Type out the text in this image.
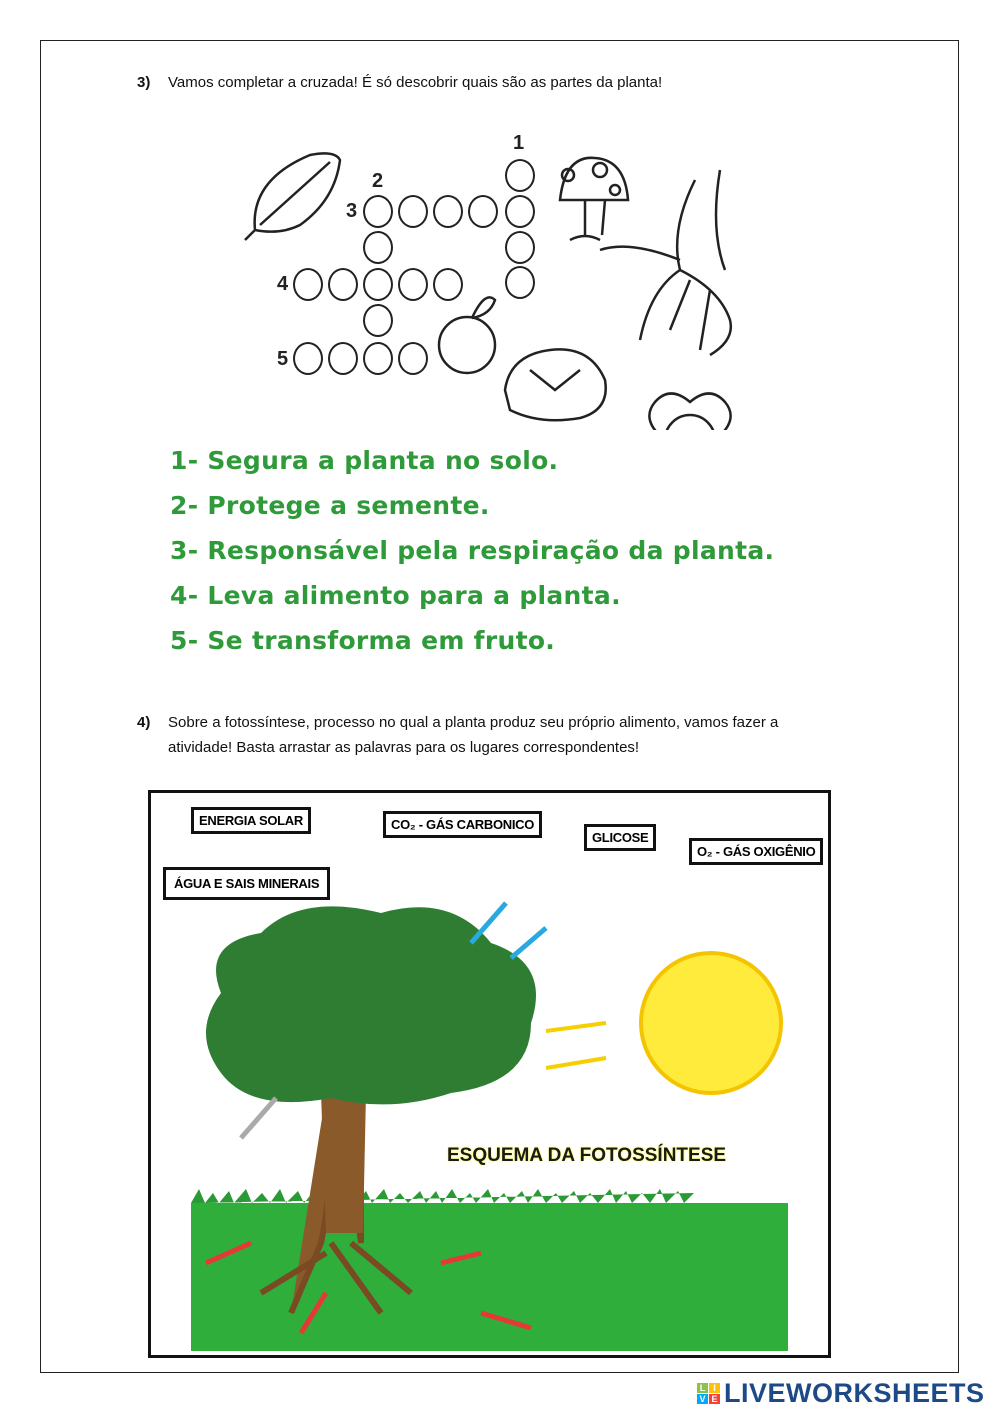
3)	Vamos completar a cruzada! É só descobrir quais são as partes da planta!
1
2
3
4
5
1- Segura a planta no solo.
2- Protege a semente.
3- Responsável pela respiração da planta.
4- Leva alimento para a planta.
5- Se transforma em fruto.
4)	Sobre a fotossíntese, processo no qual a planta produz seu próprio alimento, vamos fazer a
atividade! Basta arrastar as palavras para os lugares correspondentes!
ENERGIA SOLAR	CO₂ - GÁS CARBONICO
GLICOSE
O₂ - GÁS OXIGÊNIO
ÁGUA E SAIS MINERAIS
ESQUEMA DA FOTOSSÍNTESE
L I
V E LIVEWORKSHEETS
